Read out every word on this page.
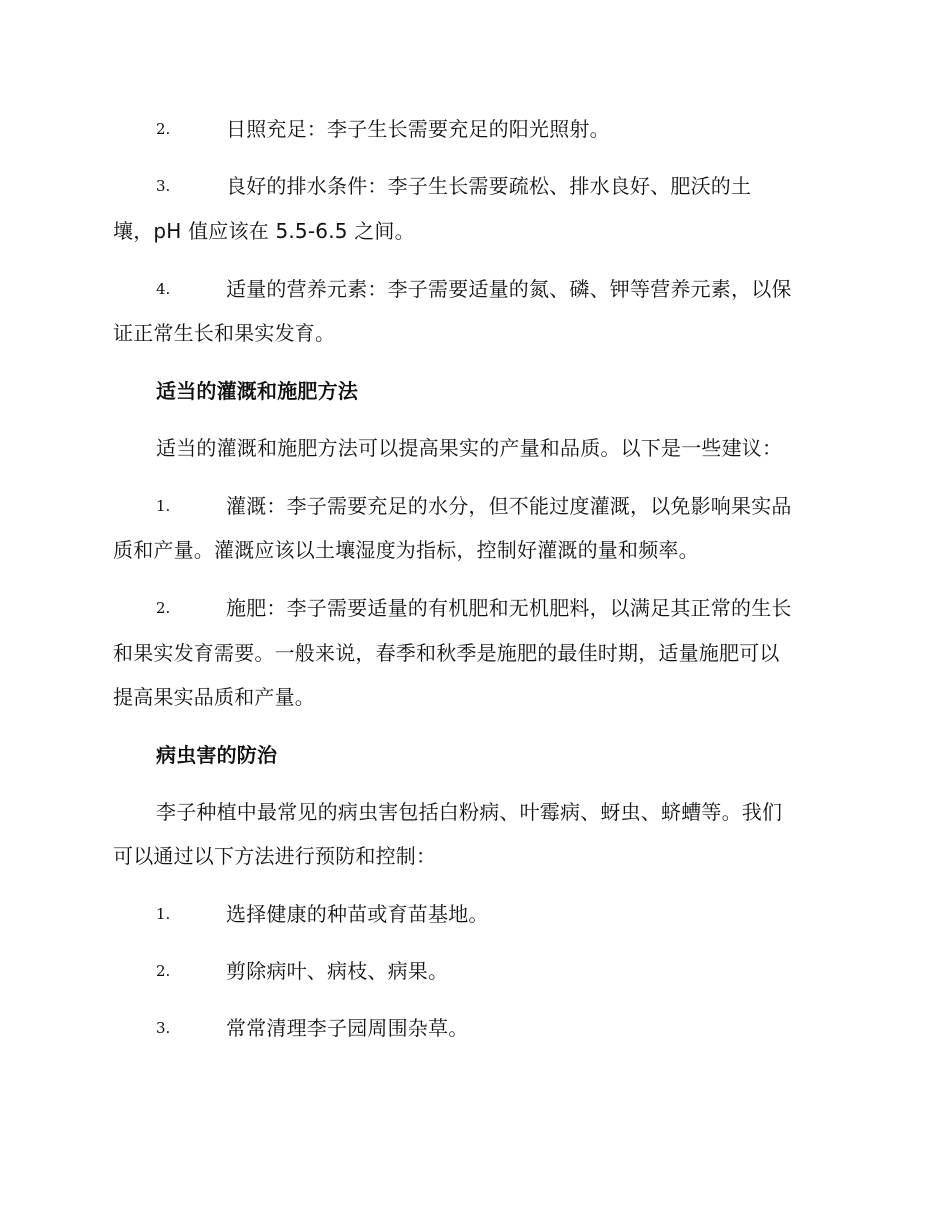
2.	日照充足：李子生长需要充足的阳光照射。
3.	良好的排水条件：李子生长需要疏松、排水良好、肥沃的土
壤，pH 值应该在 5.5-6.5 之间。
4.	适量的营养元素：李子需要适量的氮、磷、钾等营养元素，以保
证正常生长和果实发育。
适当的灌溉和施肥方法
适当的灌溉和施肥方法可以提高果实的产量和品质。以下是一些建议：
1.	灌溉：李子需要充足的水分，但不能过度灌溉，以免影响果实品
质和产量。灌溉应该以土壤湿度为指标，控制好灌溉的量和频率。
2.	施肥：李子需要适量的有机肥和无机肥料，以满足其正常的生长
和果实发育需要。一般来说，春季和秋季是施肥的最佳时期，适量施肥可以
提高果实品质和产量。
病虫害的防治
李子种植中最常见的病虫害包括白粉病、叶霉病、蚜虫、蛴螬等。我们
可以通过以下方法进行预防和控制：
1.	选择健康的种苗或育苗基地。
2.	剪除病叶、病枝、病果。
3.	常常清理李子园周围杂草。
